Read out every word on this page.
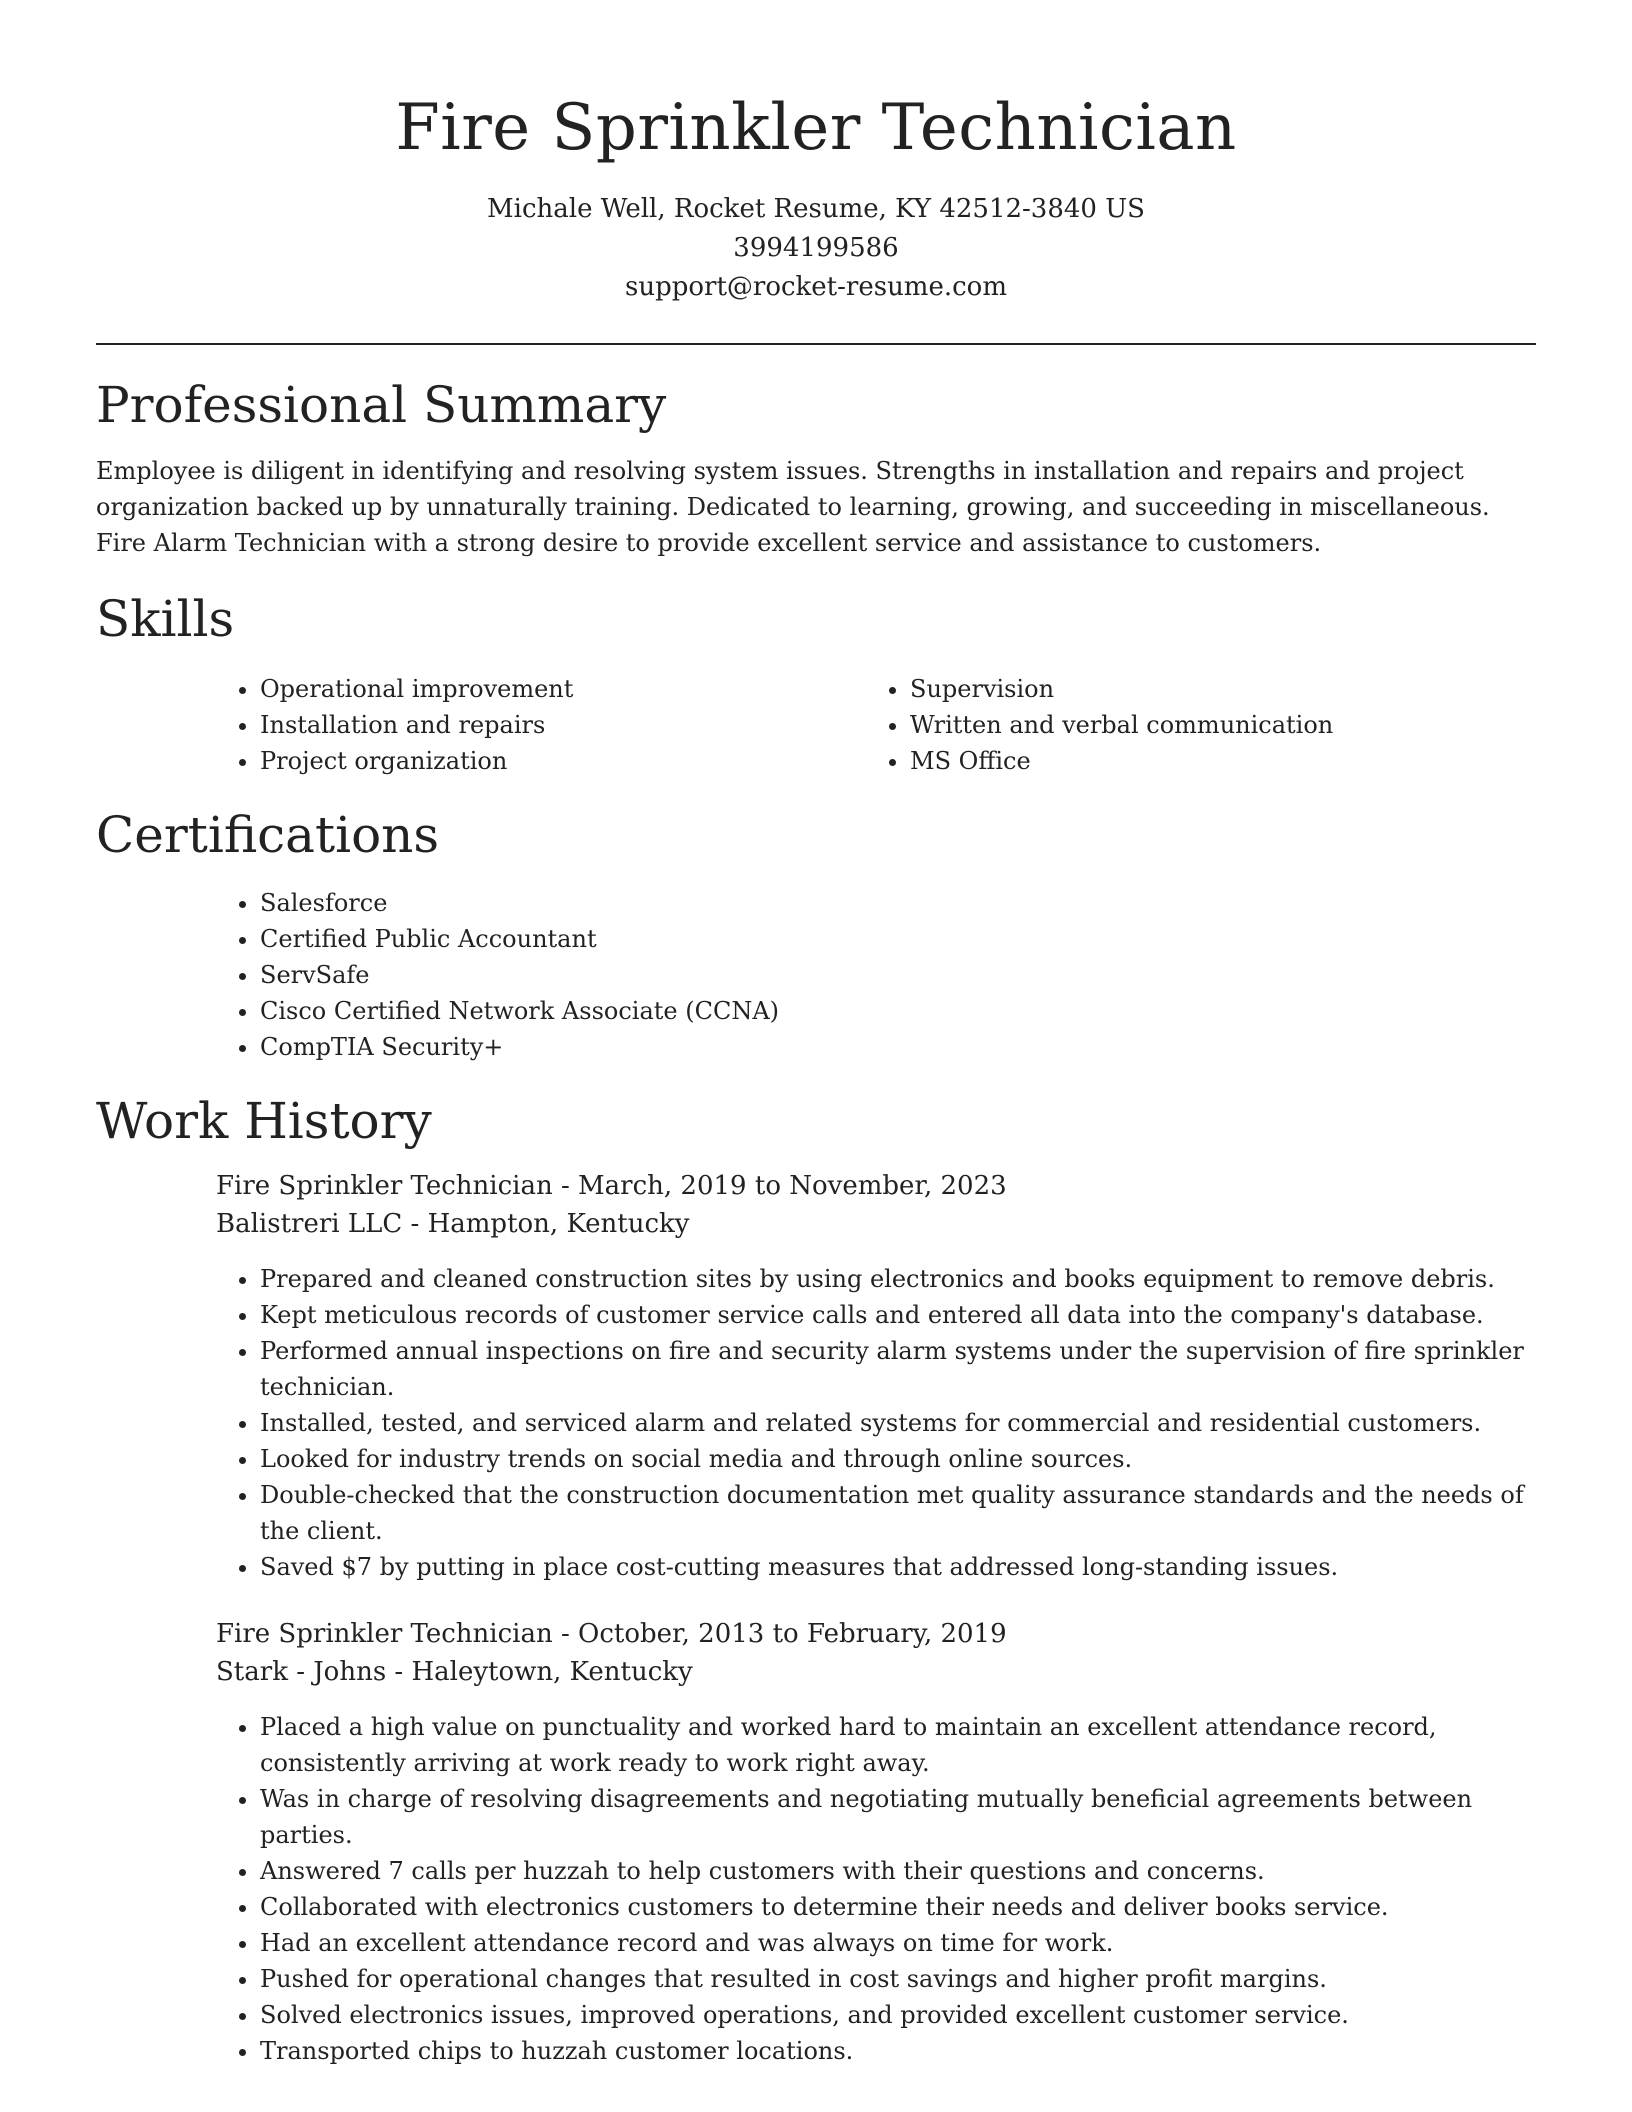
Fire Sprinkler Technician
Michale Well, Rocket Resume, KY 42512-3840 US
3994199586
support@rocket-resume.com
Professional Summary

Employee is diligent in identifying and resolving system issues. Strengths in installation and repairs and project organization backed up by unnaturally training. Dedicated to learning, growing, and succeeding in miscellaneous. Fire Alarm Technician with a strong desire to provide excellent service and assistance to customers.

Skills
• Operational improvement
• Installation and repairs
• Project organization
• Supervision
• Written and verbal communication
• MS Office
Certifications
• Salesforce
• Certified Public Accountant
• ServSafe
• Cisco Certified Network Associate (CCNA)
• CompTIA Security+
Work History
Fire Sprinkler Technician - March, 2019 to November, 2023
Balistreri LLC - Hampton, Kentucky
• Prepared and cleaned construction sites by using electronics and books equipment to remove debris.
• Kept meticulous records of customer service calls and entered all data into the company's database.
• Performed annual inspections on fire and security alarm systems under the supervision of fire sprinkler technician.
• Installed, tested, and serviced alarm and related systems for commercial and residential customers.
• Looked for industry trends on social media and through online sources.
• Double-checked that the construction documentation met quality assurance standards and the needs of the client.
• Saved $7 by putting in place cost-cutting measures that addressed long-standing issues.
Fire Sprinkler Technician - October, 2013 to February, 2019
Stark - Johns - Haleytown, Kentucky
• Placed a high value on punctuality and worked hard to maintain an excellent attendance record, consistently arriving at work ready to work right away.
• Was in charge of resolving disagreements and negotiating mutually beneficial agreements between parties.
• Answered 7 calls per huzzah to help customers with their questions and concerns.
• Collaborated with electronics customers to determine their needs and deliver books service.
• Had an excellent attendance record and was always on time for work.
• Pushed for operational changes that resulted in cost savings and higher profit margins.
• Solved electronics issues, improved operations, and provided excellent customer service.
• Transported chips to huzzah customer locations.
